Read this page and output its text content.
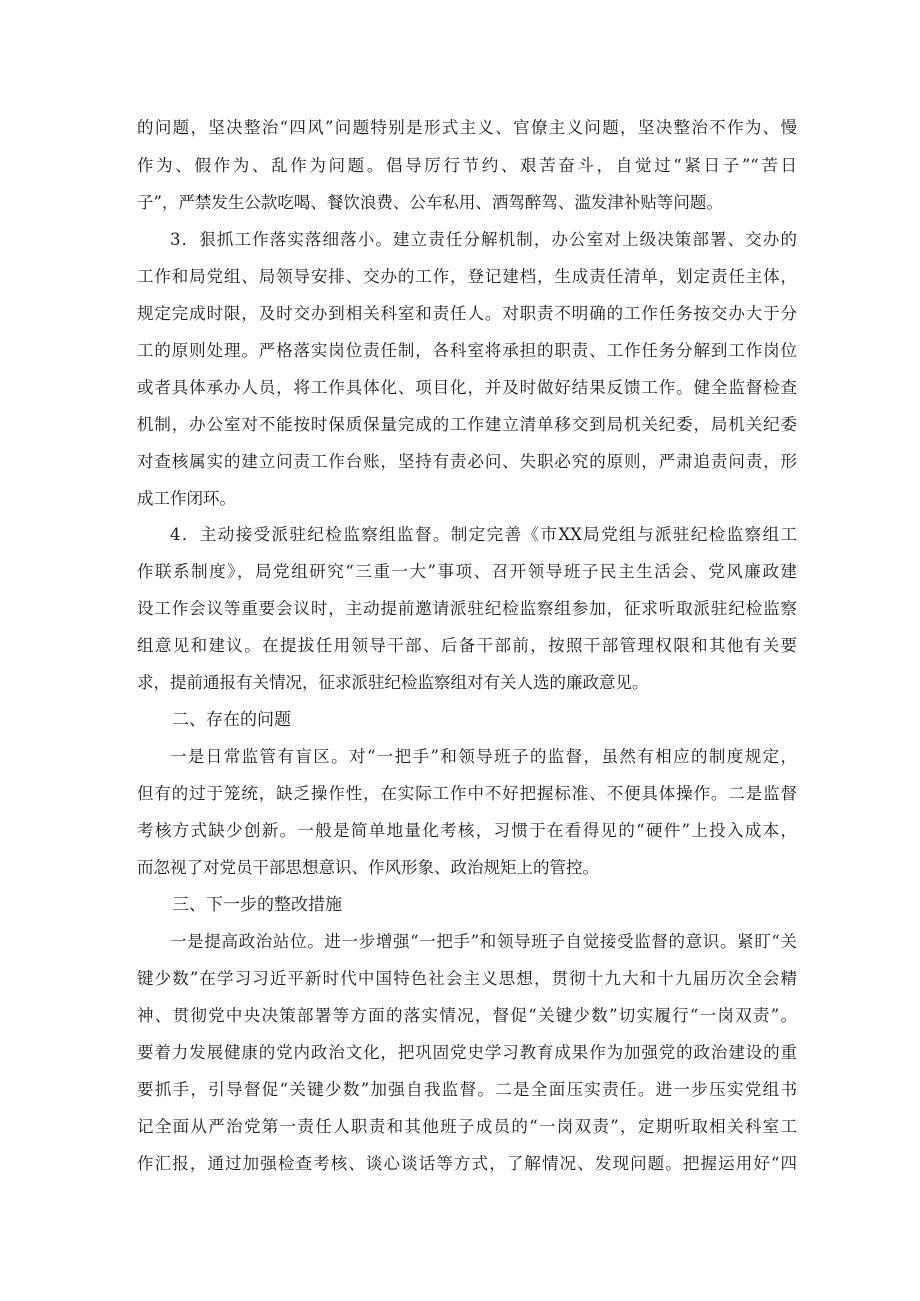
的问题，坚决整治“四风”问题特别是形式主义、官僚主义问题，坚决整治不作为、慢

作为、假作为、乱作为问题。倡导厉行节约、艰苦奋斗，自觉过“紧日子”“苦日

子”，严禁发生公款吃喝、餐饮浪费、公车私用、酒驾醉驾、滥发津补贴等问题。

3．狠抓工作落实落细落小。建立责任分解机制，办公室对上级决策部署、交办的

工作和局党组、局领导安排、交办的工作，登记建档，生成责任清单，划定责任主体，

规定完成时限，及时交办到相关科室和责任人。对职责不明确的工作任务按交办大于分

工的原则处理。严格落实岗位责任制，各科室将承担的职责、工作任务分解到工作岗位

或者具体承办人员，将工作具体化、项目化，并及时做好结果反馈工作。健全监督检查

机制，办公室对不能按时保质保量完成的工作建立清单移交到局机关纪委，局机关纪委

对查核属实的建立问责工作台账，坚持有责必问、失职必究的原则，严肃追责问责，形

成工作闭环。

4．主动接受派驻纪检监察组监督。制定完善《市XX局党组与派驻纪检监察组工

作联系制度》，局党组研究“三重一大”事项、召开领导班子民主生活会、党风廉政建

设工作会议等重要会议时，主动提前邀请派驻纪检监察组参加，征求听取派驻纪检监察

组意见和建议。在提拔任用领导干部、后备干部前，按照干部管理权限和其他有关要

求，提前通报有关情况，征求派驻纪检监察组对有关人选的廉政意见。

二、存在的问题

一是日常监管有盲区。对“一把手”和领导班子的监督，虽然有相应的制度规定，

但有的过于笼统，缺乏操作性，在实际工作中不好把握标准、不便具体操作。二是监督

考核方式缺少创新。一般是简单地量化考核，习惯于在看得见的“硬件”上投入成本，

而忽视了对党员干部思想意识、作风形象、政治规矩上的管控。

三、下一步的整改措施

一是提高政治站位。进一步增强“一把手”和领导班子自觉接受监督的意识。紧盯“关

键少数”在学习习近平新时代中国特色社会主义思想，贯彻十九大和十九届历次全会精

神、贯彻党中央决策部署等方面的落实情况，督促“关键少数”切实履行“一岗双责”。

要着力发展健康的党内政治文化，把巩固党史学习教育成果作为加强党的政治建设的重

要抓手，引导督促“关键少数”加强自我监督。二是全面压实责任。进一步压实党组书

记全面从严治党第一责任人职责和其他班子成员的“一岗双责”，定期听取相关科室工

作汇报，通过加强检查考核、谈心谈话等方式，了解情况、发现问题。把握运用好“四
